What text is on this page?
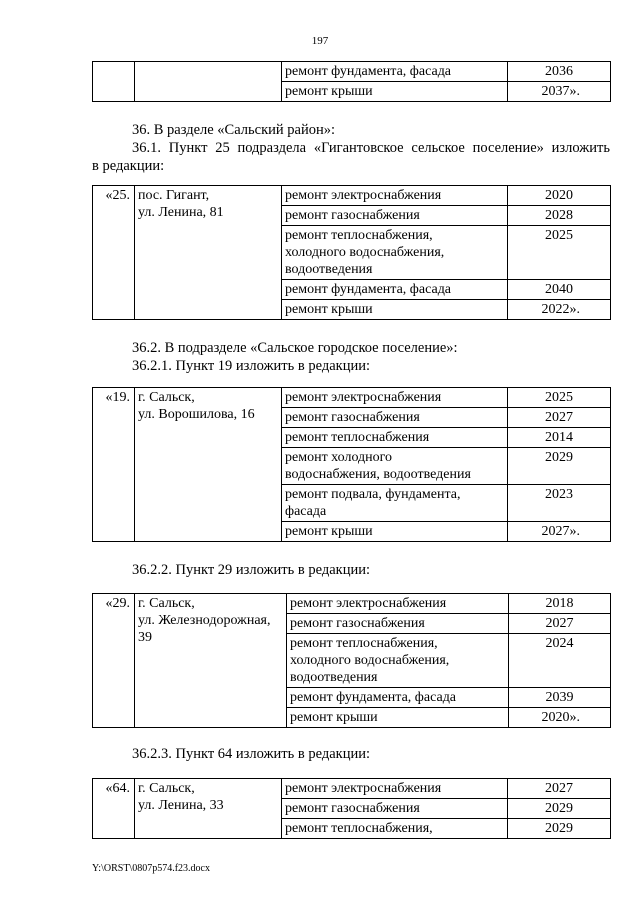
197
		ремонт фундамента, фасада	2036
		ремонт крыши	2037».
36. В разделе «Сальский район»:
36.1. Пункт 25 подраздела «Гигантовское сельское поселение» изложить
в редакции:
«25.	пос. Гигант,
ул. Ленина, 81	ремонт электроснабжения	2020
		ремонт газоснабжения	2028
		ремонт теплоснабжения,
холодного водоснабжения,
водоотведения	2025
		ремонт фундамента, фасада	2040
		ремонт крыши	2022».
36.2. В подразделе «Сальское городское поселение»:
36.2.1. Пункт 19 изложить в редакции:
«19.	г. Сальск,
ул. Ворошилова, 16	ремонт электроснабжения	2025
		ремонт газоснабжения	2027
		ремонт теплоснабжения	2014
		ремонт холодного
водоснабжения, водоотведения	2029
		ремонт подвала, фундамента,
фасада	2023
		ремонт крыши	2027».
36.2.2. Пункт 29 изложить в редакции:
«29.	г. Сальск,
ул. Железнодорожная,
39	ремонт электроснабжения	2018
		ремонт газоснабжения	2027
		ремонт теплоснабжения,
холодного водоснабжения,
водоотведения	2024
		ремонт фундамента, фасада	2039
		ремонт крыши	2020».
36.2.3. Пункт 64 изложить в редакции:
«64.	г. Сальск,
ул. Ленина, 33	ремонт электроснабжения	2027
		ремонт газоснабжения	2029
		ремонт теплоснабжения,	2029
Y:\ORST\0807p574.f23.docx
